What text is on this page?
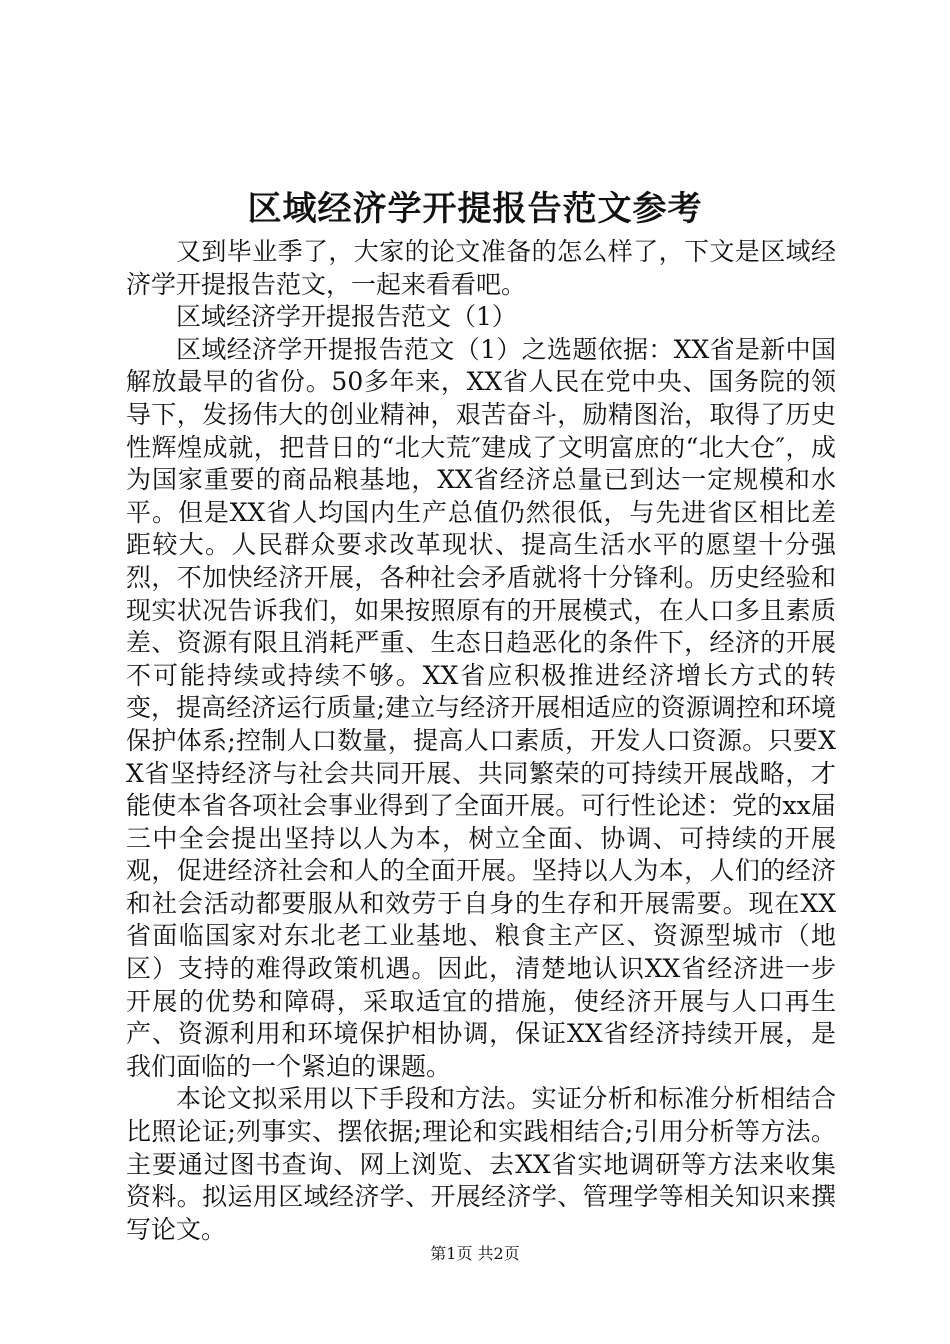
区域经济学开提报告范文参考

又到毕业季了，大家的论文准备的怎么样了，下文是区域经济学开提报告范文，一起来看看吧。

区域经济学开提报告范文（1）

区域经济学开提报告范文（1）之选题依据：XX省是新中国解放最早的省份。50多年来，XX省人民在党中央、国务院的领导下，发扬伟大的创业精神，艰苦奋斗，励精图治，取得了历史性辉煌成就，把昔日的“北大荒″建成了文明富庶的“北大仓″，成为国家重要的商品粮基地，XX省经济总量已到达一定规模和水平。但是XX省人均国内生产总值仍然很低，与先进省区相比差距较大。人民群众要求改革现状、提高生活水平的愿望十分强烈，不加快经济开展，各种社会矛盾就将十分锋利。历史经验和现实状况告诉我们，如果按照原有的开展模式，在人口多且素质差、资源有限且消耗严重、生态日趋恶化的条件下，经济的开展不可能持续或持续不够。XX省应积极推进经济增长方式的转变，提高经济运行质量;建立与经济开展相适应的资源调控和环境保护体系;控制人口数量，提高人口素质，开发人口资源。只要XX省坚持经济与社会共同开展、共同繁荣的可持续开展战略，才能使本省各项社会事业得到了全面开展。可行性论述：党的xx届三中全会提出坚持以人为本，树立全面、协调、可持续的开展观，促进经济社会和人的全面开展。坚持以人为本，人们的经济和社会活动都要服从和效劳于自身的生存和开展需要。现在XX省面临国家对东北老工业基地、粮食主产区、资源型城市（地区）支持的难得政策机遇。因此，清楚地认识XX省经济进一步开展的优势和障碍，采取适宜的措施，使经济开展与人口再生产、资源利用和环境保护相协调，保证XX省经济持续开展，是我们面临的一个紧迫的课题。

本论文拟采用以下手段和方法。实证分析和标准分析相结合比照论证;列事实、摆依据;理论和实践相结合;引用分析等方法。主要通过图书查询、网上浏览、去XX省实地调研等方法来收集资料。拟运用区域经济学、开展经济学、管理学等相关知识来撰写论文。

第1页 共2页
